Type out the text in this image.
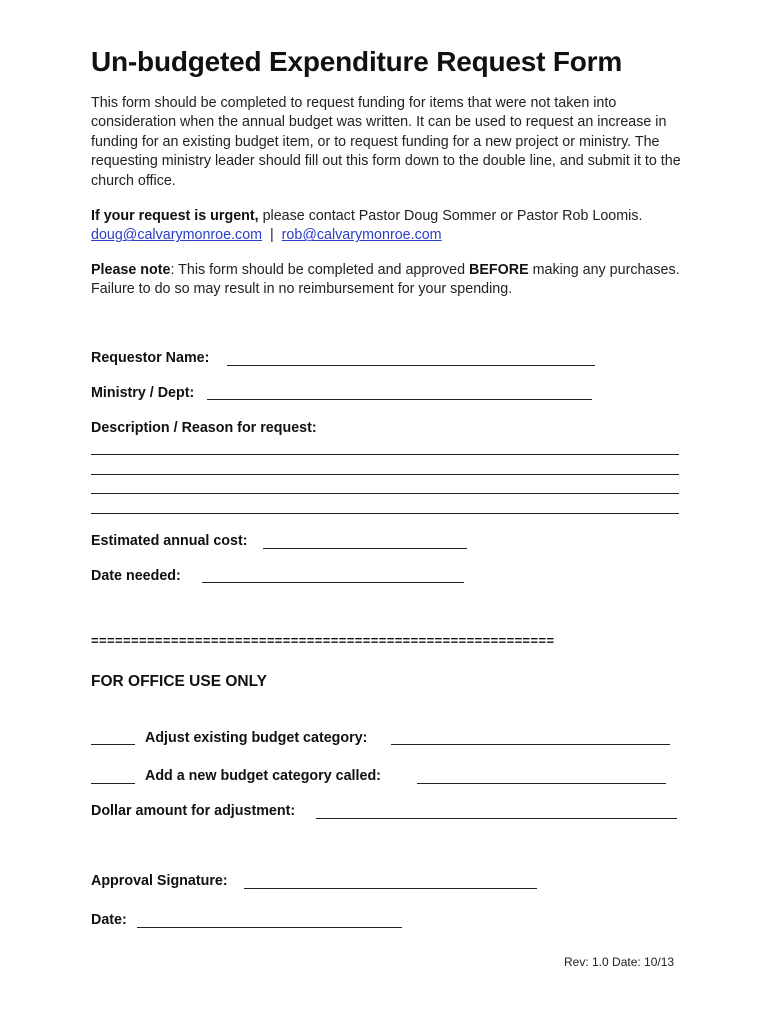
Un-budgeted Expenditure Request Form
This form should be completed to request funding for items that were not taken into consideration when the annual budget was written. It can be used to request an increase in funding for an existing budget item, or to request funding for a new project or ministry. The requesting ministry leader should fill out this form down to the double line, and submit it to the church office.
If your request is urgent, please contact Pastor Doug Sommer or Pastor Rob Loomis. doug@calvarymonroe.com  |  rob@calvarymonroe.com
Please note: This form should be completed and approved BEFORE making any purchases. Failure to do so may result in no reimbursement for your spending.
Requestor Name:
Ministry / Dept:
Description / Reason for request:
Estimated annual cost:
Date needed:
==========================================================
FOR OFFICE USE ONLY
Adjust existing budget category:
Add a new budget category called:
Dollar amount for adjustment:
Approval Signature:
Date:
Rev: 1.0 Date: 10/13
